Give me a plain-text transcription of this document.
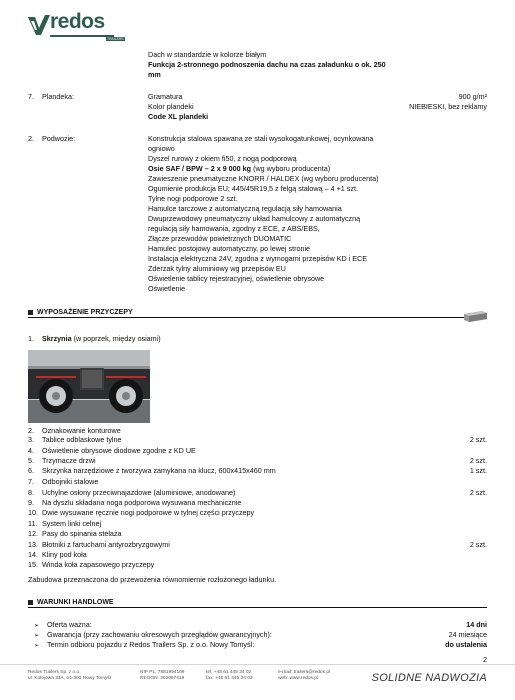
redos
TRAILERS
Dach w standardzie w kolorze białym
Funkcja 2-stronnego podnoszenia dachu na czas załadunku o ok. 250
mm
7. Plandeka:	Gramatura	900 g/m²
Kolor plandeki	NIEBIESKI, bez reklamy
Code XL plandeki
2. Podwozie:	Konstrukcja stalowa spawana ze stali wysokogatunkowej, ocynkowana
ogniowo
Dyszel rurowy z okiem fi50, z nogą podporową
Osie SAF / BPW – 2 x 9 000 kg (wg wyboru producenta)
Zawieszenie pneumatyczne KNORR / HALDEX (wg wyboru producenta)
Ogumienie produkcja EU; 445/45R19,5 z felgą stalową – 4 +1 szt.
Tylne nogi podporowe 2 szt.
Hamulce tarczowe z automatyczną regulacją siły hamowania
Dwuprzewodowy pneumatyczny układ hamulcowy z automatyczną
regulacją siły hamowania, zgodny z ECE, z ABS/EBS,
Złącze przewodów powietrznych DUOMATIC
Hamulec postojowy automatyczny, po lewej stronie
Instalacja elektryczna 24V, zgodna z wymogami przepisów KD i ECE
Zderzak tylny aluminiowy wg przepisów EU
Oświetlenie tablicy rejestracyjnej, oświetlenie obrysowe
Oświetlenie
WYPOSAŻENIE PRZYCZEPY
1. Skrzynia (w poprzek, między osiami)
2. Oznakowanie konturowe
3. Tablice odblaskowe tylne	2 szt.
4. Oświetlenie obrysowe diodowe zgodne z KD UE
5. Trzymacze drzwi	2 szt.
6. Skrzynka narzędziowe z tworzywa zamykana na klucz, 600x415x460 mm	1 szt.
7. Odbojniki stalowe
8. Uchylne osłony przeciwnajazdowe (aluminiowe, anodowane)	2 szt.
9. Na dyszlu składana noga podporowa wysuwana mechanicznie
10. Dwie wysuwane ręcznie nogi podporowe w tylnej części przyczepy
11. System linki celnej
12. Pasy do spinania stelaża
13. Błotniki z fartuchami antyrozbryzgowymi	2 szt.
14. Kliny pod koła
15. Winda koła zapasowego przyczepy
Zabudowa przeznaczona do przewożenia równomiernie rozłożonego ładunku.
WARUNKI HANDLOWE
➢ Oferta ważna:	14 dni
➢ Gwarancja (przy zachowaniu okresowych przeglądów gwarancyjnych):	24 miesiące
➢ Termin odbioru pojazdu z Redos Trailers Sp. z o.o. Nowy Tomyśl:	do ustalenia
2
Redos Trailers Sp. z o.o.
ul. Kolejowa 33A, 64-300 Nowy Tomyśl
NIP PL: 7881994109
REGON: 302097419
tel: +48 61 445 24 02
fax: +48 61 445 24 03
e-mail: trailers@redos.pl
web: www.redos.pl	SOLIDNE NADWOZIA
